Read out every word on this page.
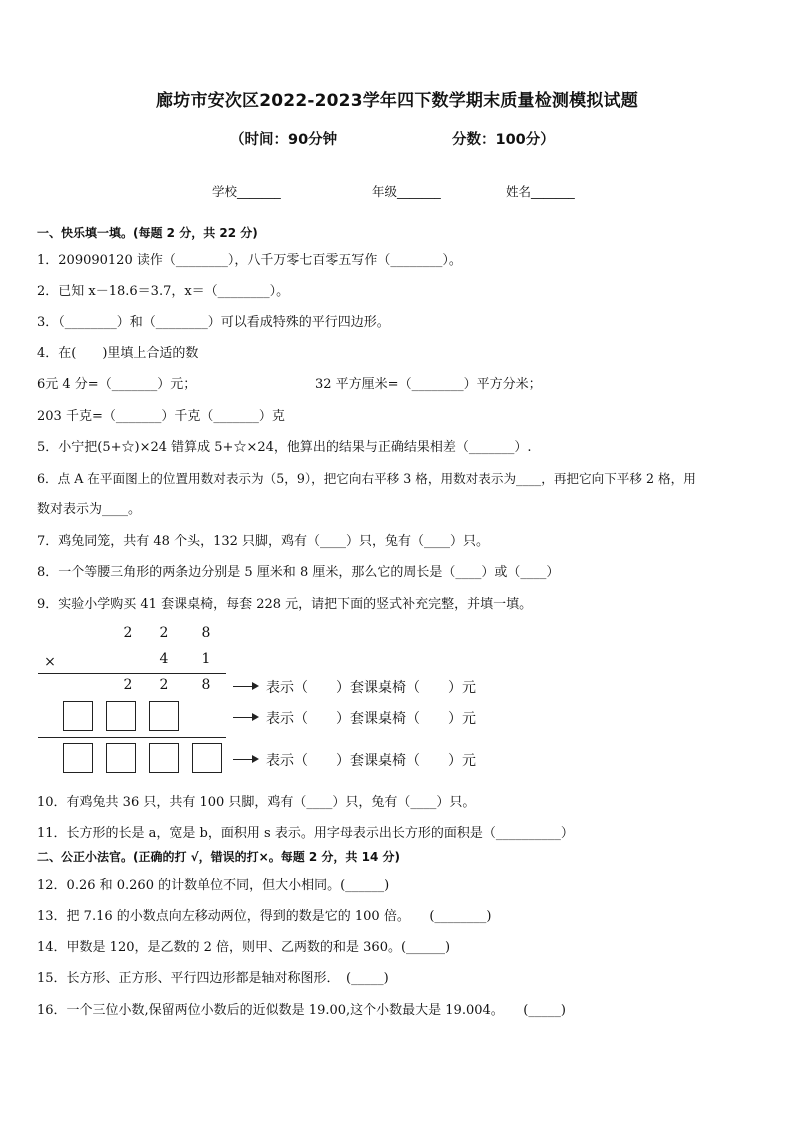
廊坊市安次区2022-2023学年四下数学期末质量检测模拟试题
（时间：90分钟	分数：100分）
学校_______	年级_______	姓名_______
一、快乐填一填。(每题 2 分，共 22 分)
1．209090120 读作（________），八千万零七百零五写作（________）。
2．已知 x－18.6＝3.7，x＝（________）。
3．（________）和（________）可以看成特殊的平行四边形。
4．在(　　)里填上合适的数
6元 4 分=（_______）元；	32 平方厘米=（________）平方分米；
203 千克=（_______）千克（_______）克
5．小宁把(5+☆)×24 错算成 5+☆×24，他算出的结果与正确结果相差（_______）.
6．点 A 在平面图上的位置用数对表示为（5，9），把它向右平移 3 格，用数对表示为____，再把它向下平移 2 格，用
数对表示为____。
7．鸡兔同笼，共有 48 个头，132 只脚，鸡有（____）只，兔有（____）只。
8．一个等腰三角形的两条边分别是 5 厘米和 8 厘米，那么它的周长是（____）或（____）
9．实验小学购买 41 套课桌椅，每套 228 元，请把下面的竖式补充完整，并填一填。
2	2	8
×	4	1
2	2	8	表示（　　）套课桌椅（　　）元
表示（　　）套课桌椅（　　）元
表示（　　）套课桌椅（　　）元
10．有鸡兔共 36 只，共有 100 只脚，鸡有（____）只，兔有（____）只。
11．长方形的长是 a，宽是 b，面积用 s 表示。用字母表示出长方形的面积是（__________）
二、公正小法官。(正确的打 √，错误的打×。每题 2 分，共 14 分)
12．0.26 和 0.260 的计数单位不同，但大小相同。(______)
13．把 7.16 的小数点向左移动两位，得到的数是它的 100 倍。　　(________)
14．甲数是 120，是乙数的 2 倍，则甲、乙两数的和是 360。(______)
15．长方形、正方形、平行四边形都是轴对称图形．　(_____)
16．一个三位小数,保留两位小数后的近似数是 19.00,这个小数最大是 19.004。　　(_____)
